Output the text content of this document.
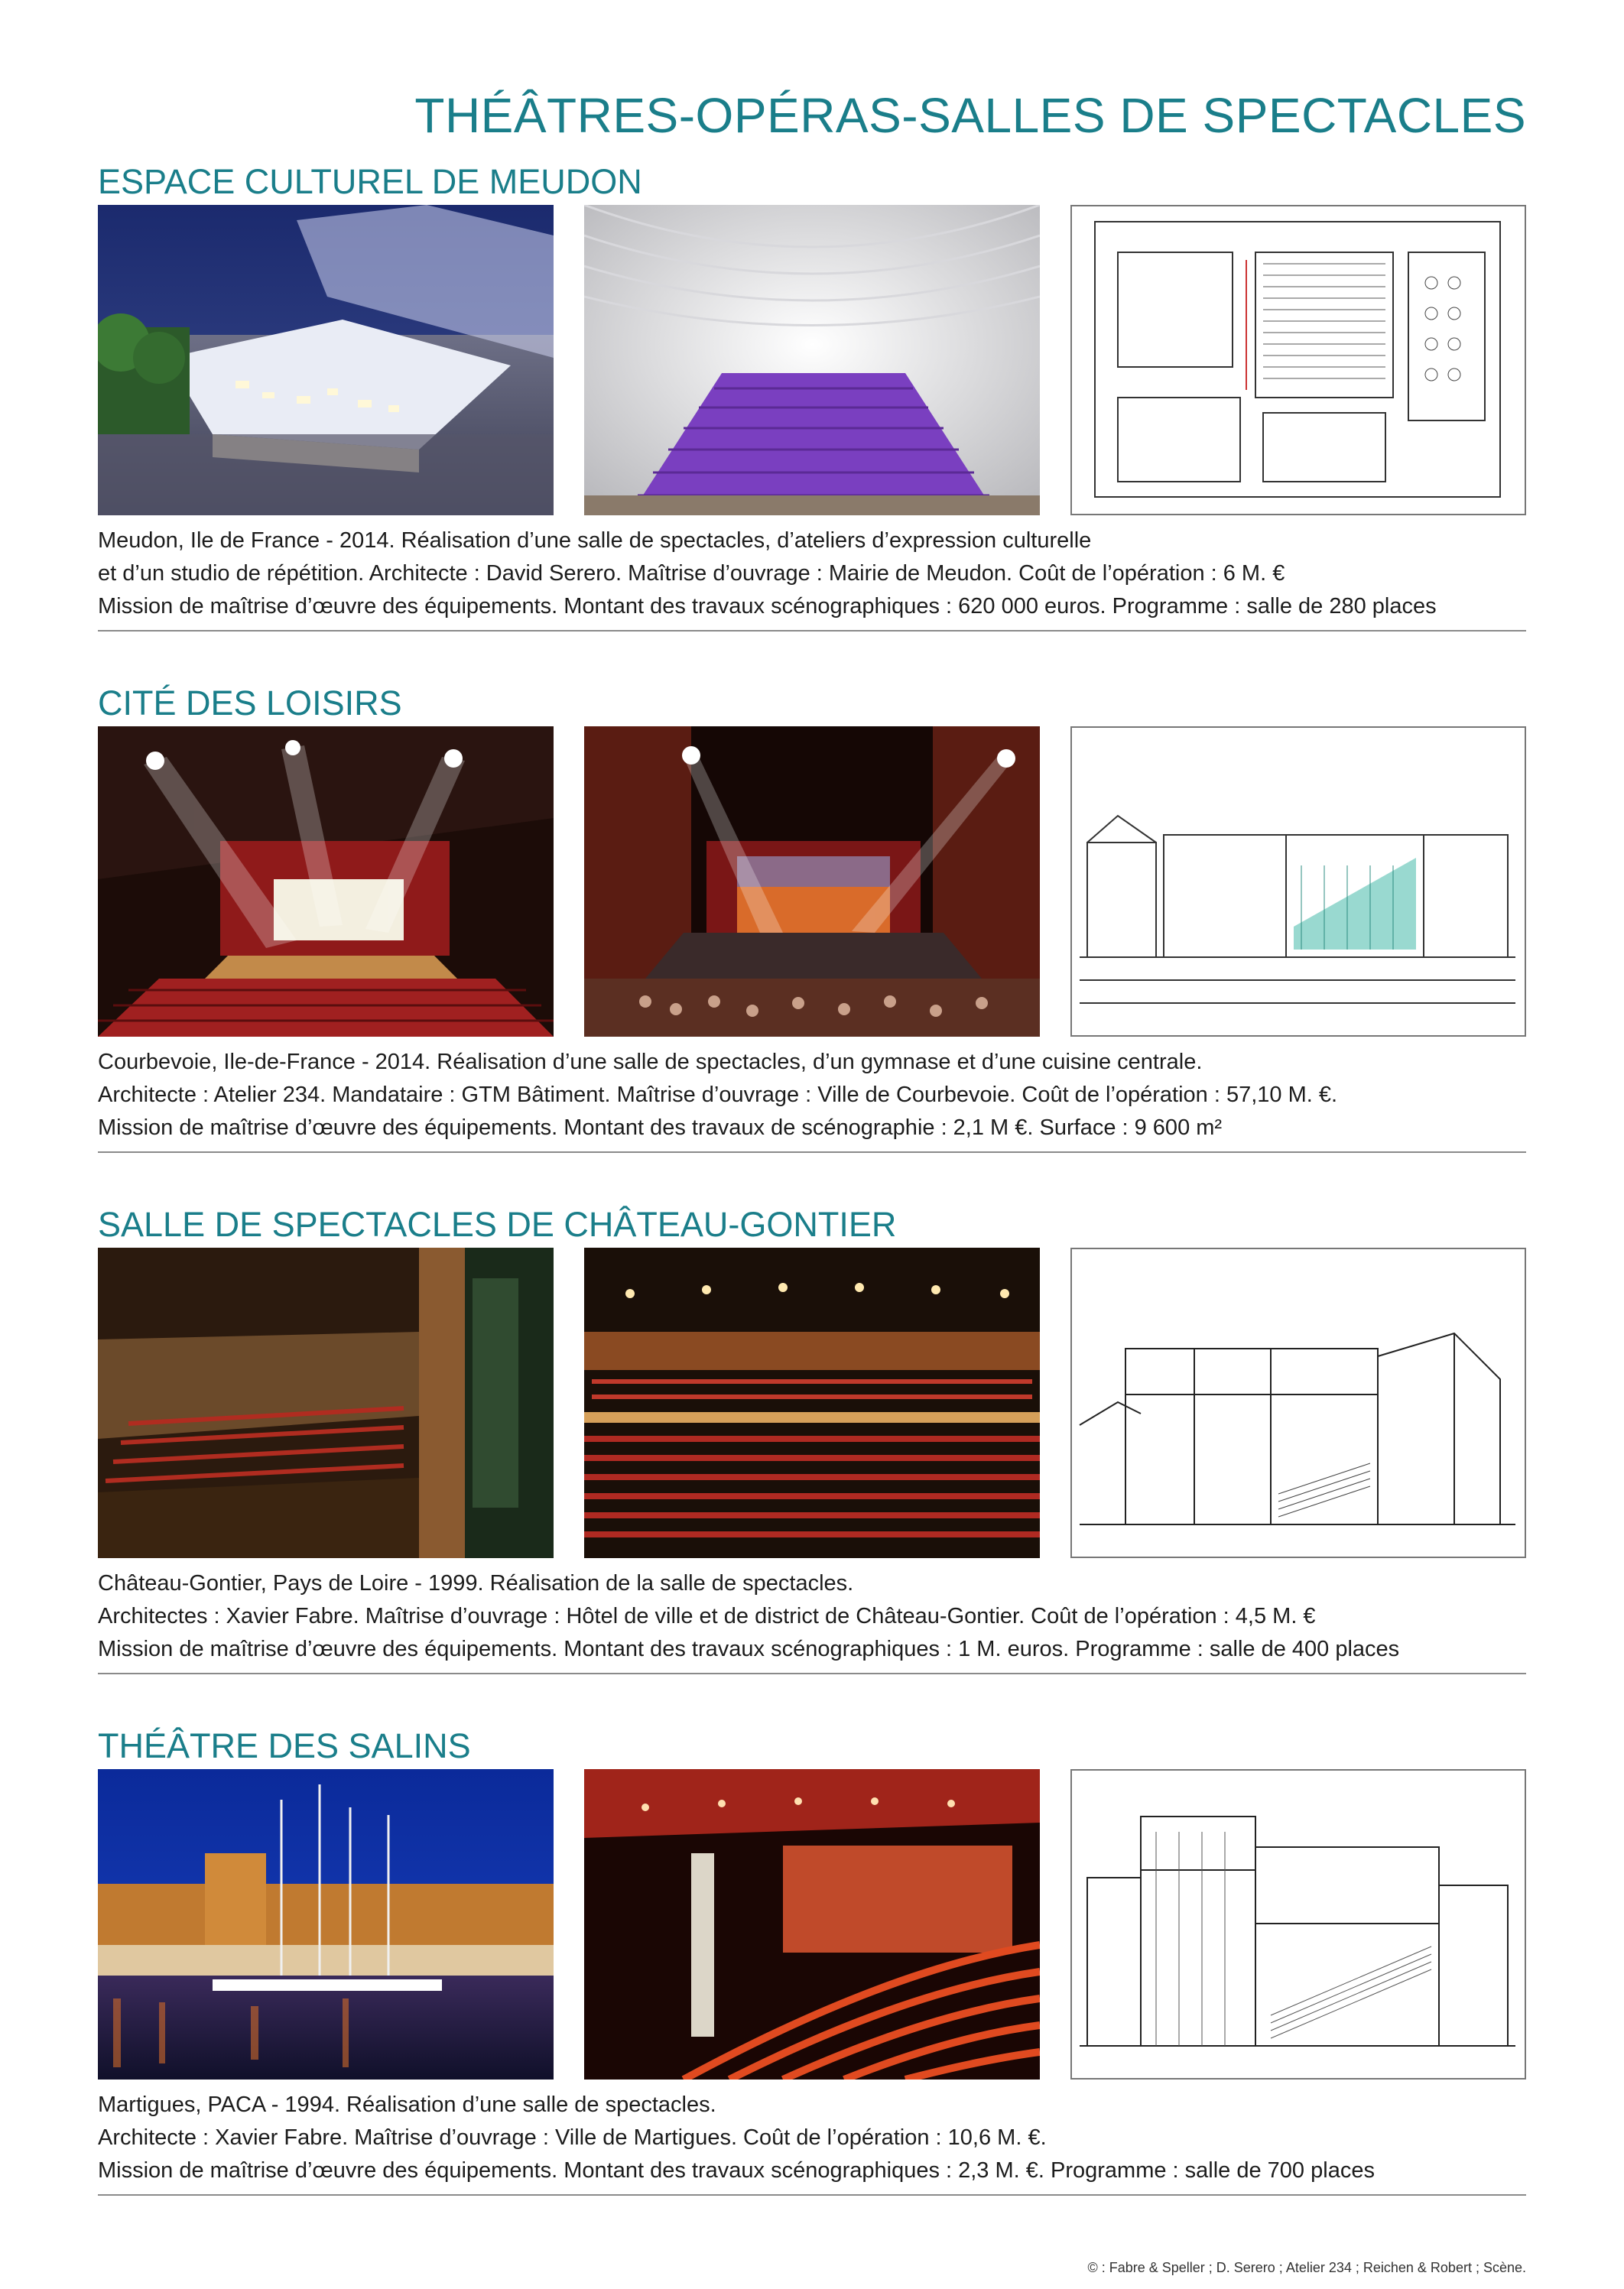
THÉÂTRES-OPÉRAS-SALLES DE SPECTACLES
ESPACE CULTUREL DE MEUDON
Meudon, Ile de France - 2014. Réalisation d’une salle de spectacles, d’ateliers d’expression culturelle
et d’un studio de répétition. Architecte : David Serero. Maîtrise d’ouvrage : Mairie de Meudon. Coût de l’opération : 6 M. €
Mission de maîtrise d’œuvre des équipements. Montant des travaux scénographiques : 620 000 euros. Programme : salle de 280 places
CITÉ DES LOISIRS
Courbevoie, Ile-de-France - 2014. Réalisation d’une salle de spectacles, d’un gymnase et d’une cuisine centrale.
Architecte : Atelier 234. Mandataire : GTM Bâtiment. Maîtrise d’ouvrage : Ville de Courbevoie. Coût de l’opération : 57,10 M. €.
Mission de maîtrise d’œuvre des équipements. Montant des travaux de scénographie : 2,1 M €. Surface : 9 600 m²
SALLE DE SPECTACLES DE CHÂTEAU-GONTIER
Château-Gontier, Pays de Loire - 1999. Réalisation de la salle de spectacles.
Architectes : Xavier Fabre. Maîtrise d’ouvrage : Hôtel de ville et de district de Château-Gontier. Coût de l’opération : 4,5 M. €
Mission de maîtrise d’œuvre des équipements. Montant des travaux scénographiques : 1 M. euros. Programme : salle de 400 places
THÉÂTRE DES SALINS
Martigues, PACA - 1994. Réalisation d’une salle de spectacles.
Architecte : Xavier Fabre. Maîtrise d’ouvrage : Ville de Martigues. Coût de l’opération : 10,6 M. €.
Mission de maîtrise d’œuvre des équipements. Montant des travaux scénographiques : 2,3 M. €. Programme : salle de 700 places
© : Fabre & Speller ; D. Serero ; Atelier 234 ; Reichen & Robert ; Scène.
